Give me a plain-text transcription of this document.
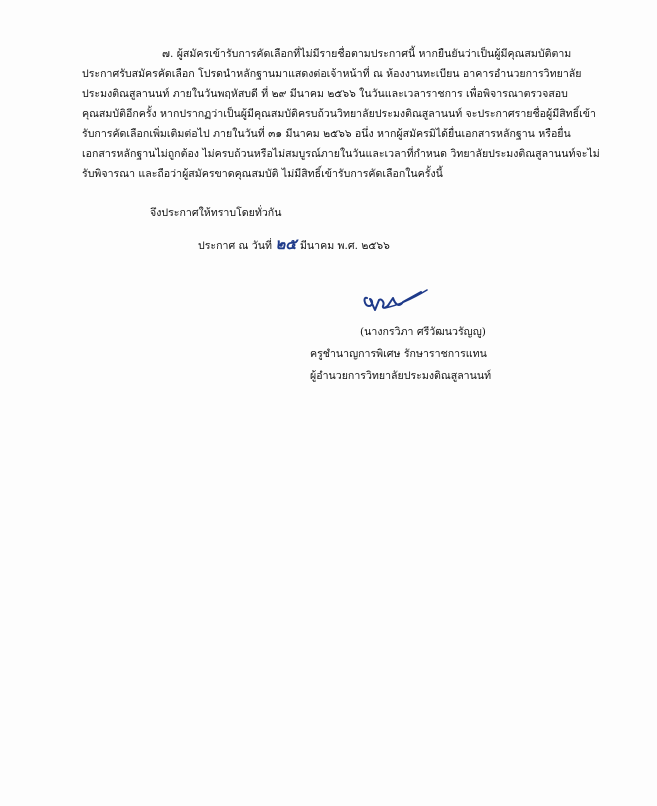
๗. ผู้สมัครเข้ารับการคัดเลือกที่ไม่มีรายชื่อตามประกาศนี้ หากยืนยันว่าเป็นผู้มีคุณสมบัติตาม
ประกาศรับสมัครคัดเลือก โปรดนำหลักฐานมาแสดงต่อเจ้าหน้าที่ ณ ห้องงานทะเบียน อาคารอำนวยการวิทยาลัย
ประมงติณสูลานนท์ ภายในวันพฤหัสบดี ที่ ๒๙ มีนาคม ๒๕๖๖ ในวันและเวลาราชการ เพื่อพิจารณาตรวจสอบ
คุณสมบัติอีกครั้ง หากปรากฏว่าเป็นผู้มีคุณสมบัติครบถ้วนวิทยาลัยประมงติณสูลานนท์ จะประกาศรายชื่อผู้มีสิทธิ์เข้า
รับการคัดเลือกเพิ่มเติมต่อไป ภายในวันที่ ๓๑ มีนาคม ๒๕๖๖ อนึ่ง หากผู้สมัครมิได้ยื่นเอกสารหลักฐาน หรือยื่น
เอกสารหลักฐานไม่ถูกต้อง ไม่ครบถ้วนหรือไม่สมบูรณ์ภายในวันและเวลาที่กำหนด วิทยาลัยประมงติณสูลานนท์จะไม่
รับพิจารณา และถือว่าผู้สมัครขาดคุณสมบัติ ไม่มีสิทธิ์เข้ารับการคัดเลือกในครั้งนี้
จึงประกาศให้ทราบโดยทั่วกัน
ประกาศ ณ วันที่ ๒๕ มีนาคม พ.ศ. ๒๕๖๖
(นางกรวิภา ศรีวัฒนวรัญญู)
ครูชำนาญการพิเศษ รักษาราชการแทน
ผู้อำนวยการวิทยาลัยประมงติณสูลานนท์
